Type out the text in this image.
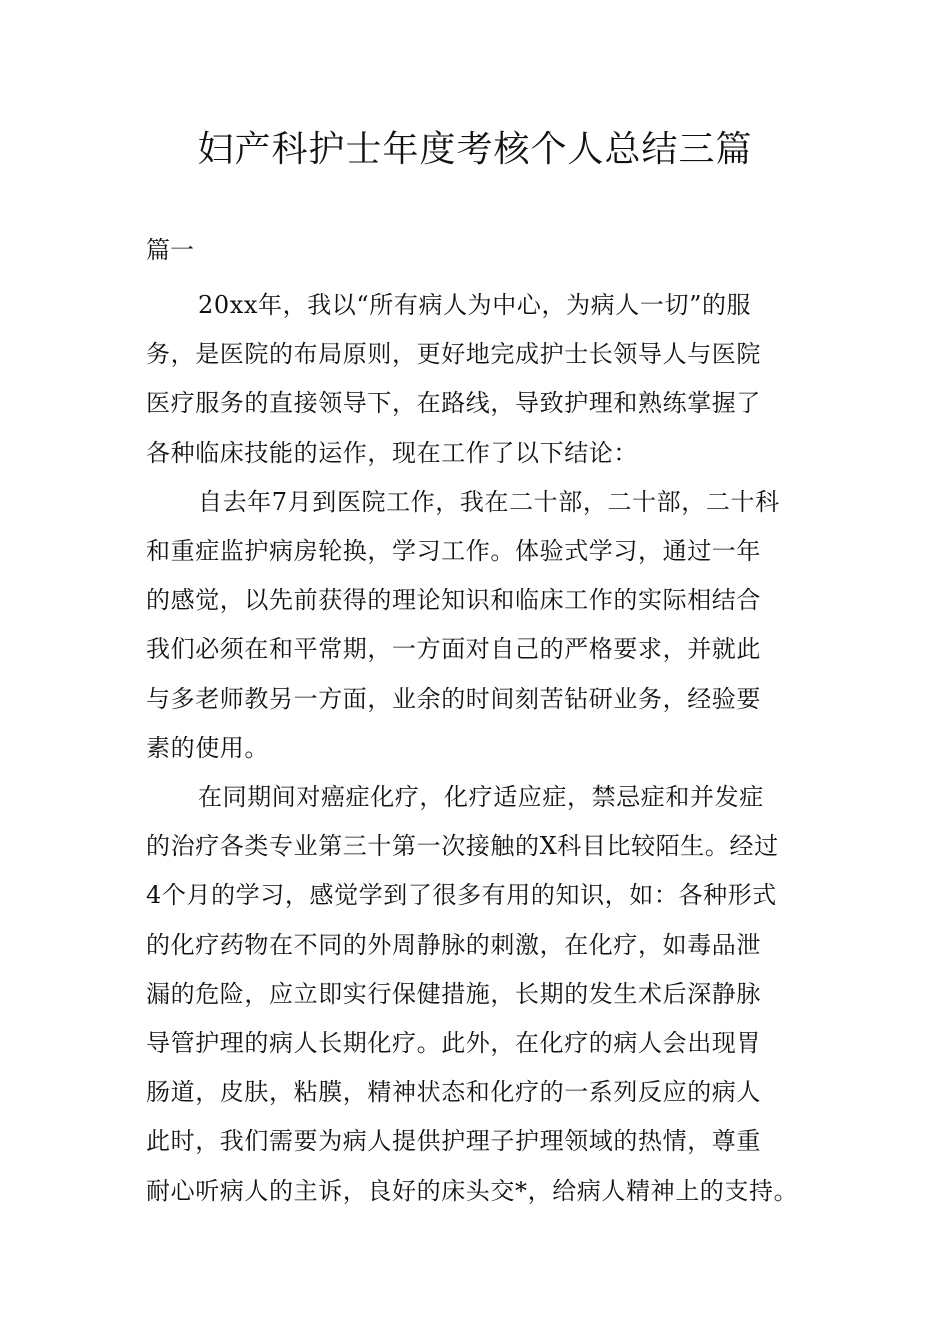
妇产科护士年度考核个人总结三篇

篇一

20xx年，我以“所有病人为中心，为病人一切”的服
务，是医院的布局原则，更好地完成护士长领导人与医院
医疗服务的直接领导下，在路线，导致护理和熟练掌握了
各种临床技能的运作，现在工作了以下结论：
自去年7月到医院工作，我在二十部，二十部，二十科
和重症监护病房轮换，学习工作。体验式学习，通过一年
的感觉，以先前获得的理论知识和临床工作的实际相结合
我们必须在和平常期，一方面对自己的严格要求，并就此
与多老师教另一方面，业余的时间刻苦钻研业务，经验要
素的使用。
在同期间对癌症化疗，化疗适应症，禁忌症和并发症
的治疗各类专业第三十第一次接触的X科目比较陌生。经过
4个月的学习，感觉学到了很多有用的知识，如：各种形式
的化疗药物在不同的外周静脉的刺激，在化疗，如毒品泄
漏的危险，应立即实行保健措施，长期的发生术后深静脉
导管护理的病人长期化疗。此外，在化疗的病人会出现胃
肠道，皮肤，粘膜，精神状态和化疗的一系列反应的病人
此时，我们需要为病人提供护理子护理领域的热情，尊重
耐心听病人的主诉，良好的床头交*，给病人精神上的支持。
